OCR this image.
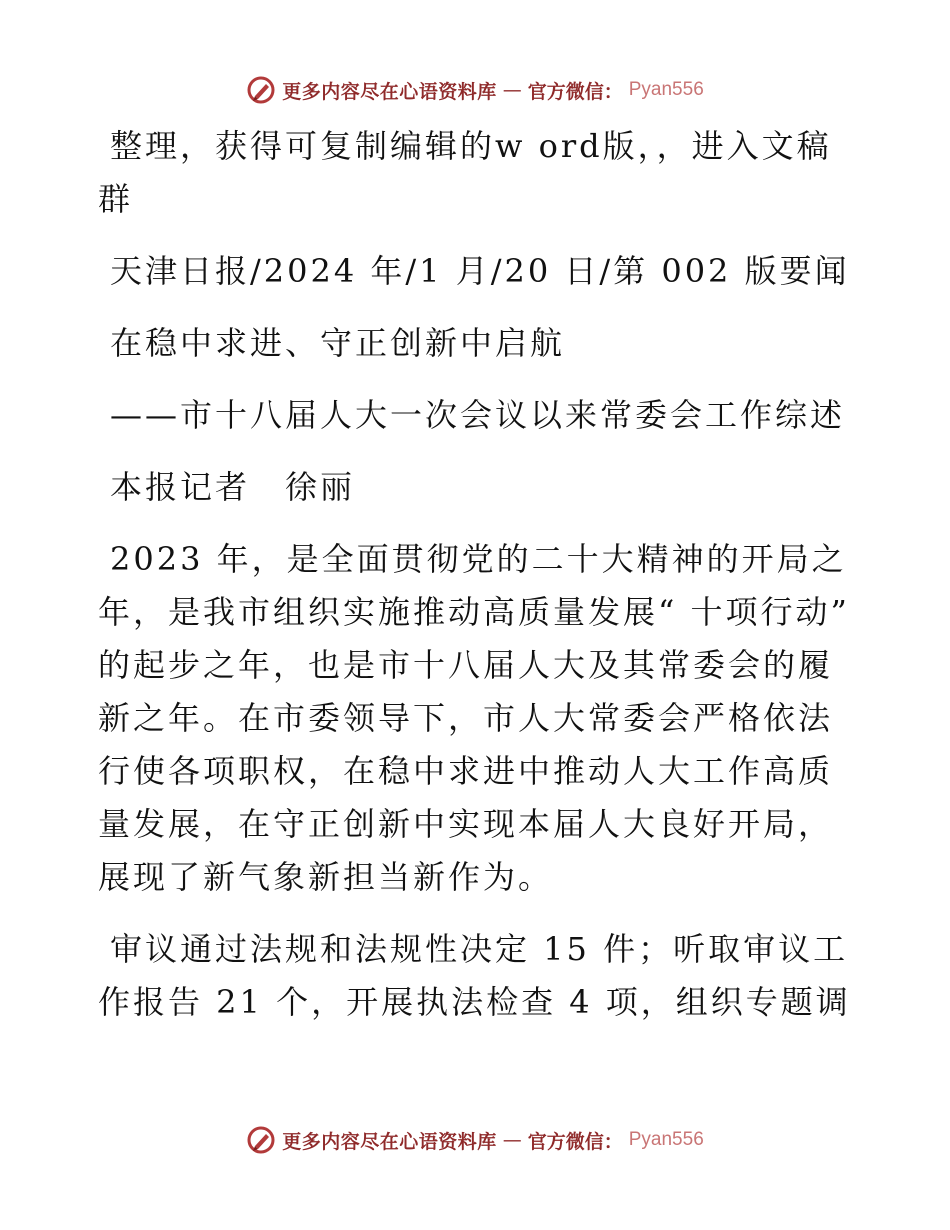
更多内容尽在心语资料库 — 官方微信： Pyan556

整理，获得可复制编辑的w ord版，，进入文稿群

天津日报/2024 年/1 月/20 日/第 002 版要闻

在稳中求进、守正创新中启航

——市十八届人大一次会议以来常委会工作综述

本报记者　徐丽

2023 年，是全面贯彻党的二十大精神的开局之年，是我市组织实施推动高质量发展“ 十项行动” 的起步之年，也是市十八届人大及其常委会的履新之年。在市委领导下，市人大常委会严格依法行使各项职权，在稳中求进中推动人大工作高质量发展，在守正创新中实现本届人大良好开局，展现了新气象新担当新作为。

审议通过法规和法规性决定 15 件；听取审议工作报告 21 个，开展执法检查 4 项，组织专题调

更多内容尽在心语资料库 — 官方微信： Pyan556
